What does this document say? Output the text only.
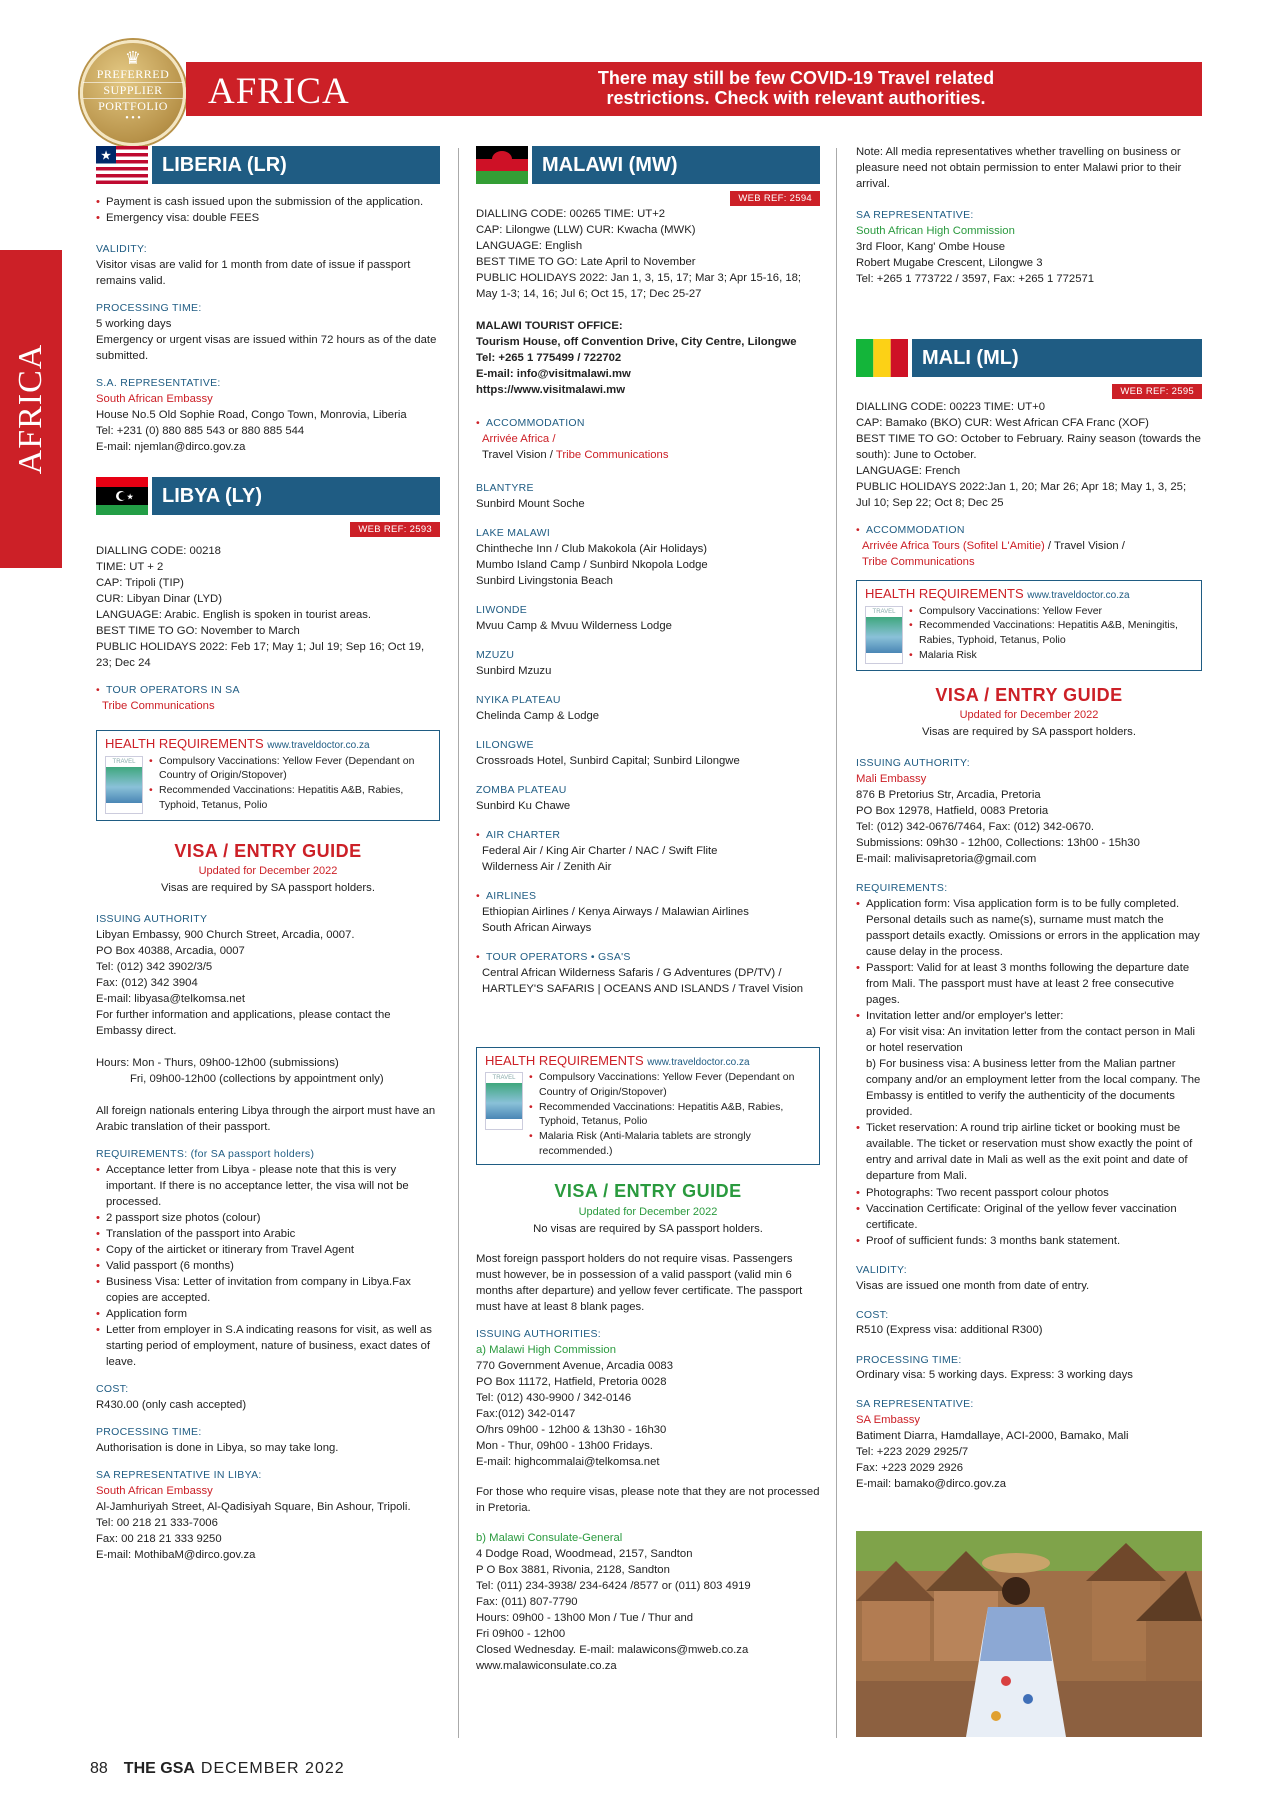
♛
PREFERRED
SUPPLIER
PORTFOLIO
• • •
AFRICA	There may still be few COVID-19 Travel related restrictions. Check with relevant authorities.
AFRICA
★	LIBERIA (LR)
• Payment is cash issued upon the submission of the application.
• Emergency visa: double FEES
VALIDITY:
Visitor visas are valid for 1 month from date of issue if passport remains valid.
PROCESSING TIME:
5 working days
Emergency or urgent visas are issued within 72 hours as of the date submitted.
S.A. REPRESENTATIVE:
South African Embassy
House No.5 Old Sophie Road, Congo Town, Monrovia, Liberia
Tel: +231 (0) 880 885 543 or 880 885 544
E-mail: njemlan@dirco.gov.za
★ LIBYA (LY)
WEB REF: 2593
DIALLING CODE: 00218
TIME: UT + 2
CAP: Tripoli (TIP)
CUR: Libyan Dinar (LYD)
LANGUAGE: Arabic. English is spoken in tourist areas.
BEST TIME TO GO: November to March
PUBLIC HOLIDAYS 2022: Feb 17; May 1; Jul 19; Sep 16; Oct 19, 23; Dec 24
• TOUR OPERATORS IN SA
Tribe Communications
HEALTH REQUIREMENTS www.traveldoctor.co.za
TRAVEL	• Compulsory Vaccinations: Yellow Fever (Dependant on Country of Origin/Stopover)
• Recommended Vaccinations: Hepatitis A&B, Rabies, Typhoid, Tetanus, Polio
VISA / ENTRY GUIDE
Updated for December 2022
Visas are required by SA passport holders.
ISSUING AUTHORITY
Libyan Embassy, 900 Church Street, Arcadia, 0007.
PO Box 40388, Arcadia, 0007
Tel: (012) 342 3902/3/5
Fax: (012) 342 3904
E-mail: libyasa@telkomsa.net
For further information and applications, please contact the Embassy direct.
Hours: Mon - Thurs, 09h00-12h00 (submissions)
Fri, 09h00-12h00 (collections by appointment only)
All foreign nationals entering Libya through the airport must have an Arabic translation of their passport.
REQUIREMENTS: (for SA passport holders)
• Acceptance letter from Libya - please note that this is very important. If there is no acceptance letter, the visa will not be processed.
• 2 passport size photos (colour)
• Translation of the passport into Arabic
• Copy of the airticket or itinerary from Travel Agent
• Valid passport (6 months)
• Business Visa: Letter of invitation from company in Libya.Fax copies are accepted.
• Application form
• Letter from employer in S.A indicating reasons for visit, as well as starting period of employment, nature of business, exact dates of leave.
COST:
R430.00 (only cash accepted)
PROCESSING TIME:
Authorisation is done in Libya, so may take long.
SA REPRESENTATIVE IN LIBYA:
South African Embassy
Al-Jamhuriyah Street, Al-Qadisiyah Square, Bin Ashour, Tripoli.
Tel: 00 218 21 333-7006
Fax: 00 218 21 333 9250
E-mail: MothibaM@dirco.gov.za
MALAWI (MW)
WEB REF: 2594
DIALLING CODE: 00265 TIME: UT+2
CAP: Lilongwe (LLW) CUR: Kwacha (MWK)
LANGUAGE: English
BEST TIME TO GO: Late April to November
PUBLIC HOLIDAYS 2022: Jan 1, 3, 15, 17; Mar 3; Apr 15-16, 18; May 1-3; 14, 16; Jul 6; Oct 15, 17; Dec 25-27
MALAWI TOURIST OFFICE:
Tourism House, off Convention Drive, City Centre, Lilongwe
Tel: +265 1 775499 / 722702
E-mail: info@visitmalawi.mw
https://www.visitmalawi.mw
• ACCOMMODATION
Arrivée Africa /
Travel Vision / Tribe Communications
BLANTYRE
Sunbird Mount Soche
LAKE MALAWI
Chintheche Inn / Club Makokola (Air Holidays)
Mumbo Island Camp / Sunbird Nkopola Lodge
Sunbird Livingstonia Beach
LIWONDE
Mvuu Camp & Mvuu Wilderness Lodge
MZUZU
Sunbird Mzuzu
NYIKA PLATEAU
Chelinda Camp & Lodge
LILONGWE
Crossroads Hotel, Sunbird Capital; Sunbird Lilongwe
ZOMBA PLATEAU
Sunbird Ku Chawe
• AIR CHARTER
Federal Air / King Air Charter / NAC / Swift Flite
Wilderness Air / Zenith Air
• AIRLINES
Ethiopian Airlines / Kenya Airways / Malawian Airlines
South African Airways
• TOUR OPERATORS • GSA'S
Central African Wilderness Safaris / G Adventures (DP/TV) /
HARTLEY'S SAFARIS | OCEANS AND ISLANDS / Travel Vision
HEALTH REQUIREMENTS www.traveldoctor.co.za
TRAVEL	• Compulsory Vaccinations: Yellow Fever (Dependant on Country of Origin/Stopover)
• Recommended Vaccinations: Hepatitis A&B, Rabies, Typhoid, Tetanus, Polio
• Malaria Risk (Anti-Malaria tablets are strongly recommended.)
VISA / ENTRY GUIDE
Updated for December 2022
No visas are required by SA passport holders.
Most foreign passport holders do not require visas. Passengers must however, be in possession of a valid passport (valid min 6 months after departure) and yellow fever certificate. The passport must have at least 8 blank pages.
ISSUING AUTHORITIES:
a) Malawi High Commission
770 Government Avenue, Arcadia 0083
PO Box 11172, Hatfield, Pretoria 0028
Tel: (012) 430-9900 / 342-0146
Fax:(012) 342-0147
O/hrs 09h00 - 12h00 & 13h30 - 16h30
Mon - Thur, 09h00 - 13h00 Fridays.
E-mail: highcommalai@telkomsa.net
For those who require visas, please note that they are not processed in Pretoria.
b) Malawi Consulate-General
4 Dodge Road, Woodmead, 2157, Sandton
P O Box 3881, Rivonia, 2128, Sandton
Tel: (011) 234-3938/ 234-6424 /8577 or (011) 803 4919
Fax: (011) 807-7790
Hours: 09h00 - 13h00 Mon / Tue / Thur and
Fri 09h00 - 12h00
Closed Wednesday. E-mail: malawicons@mweb.co.za
www.malawiconsulate.co.za
Note: All media representatives whether travelling on business or pleasure need not obtain permission to enter Malawi prior to their arrival.
SA REPRESENTATIVE:
South African High Commission
3rd Floor, Kang' Ombe House
Robert Mugabe Crescent, Lilongwe 3
Tel: +265 1 773722 / 3597, Fax: +265 1 772571
MALI (ML)
WEB REF: 2595
DIALLING CODE: 00223 TIME: UT+0
CAP: Bamako (BKO) CUR: West African CFA Franc (XOF)
BEST TIME TO GO: October to February. Rainy season (towards the south): June to October.
LANGUAGE: French
PUBLIC HOLIDAYS 2022:Jan 1, 20; Mar 26; Apr 18; May 1, 3, 25; Jul 10; Sep 22; Oct 8; Dec 25
• ACCOMMODATION
Arrivée Africa Tours (Sofitel L'Amitie) / Travel Vision /
Tribe Communications
HEALTH REQUIREMENTS www.traveldoctor.co.za
TRAVEL	• Compulsory Vaccinations: Yellow Fever
• Recommended Vaccinations: Hepatitis A&B, Meningitis, Rabies, Typhoid, Tetanus, Polio
• Malaria Risk
VISA / ENTRY GUIDE
Updated for December 2022
Visas are required by SA passport holders.
ISSUING AUTHORITY:
Mali Embassy
876 B Pretorius Str, Arcadia, Pretoria
PO Box 12978, Hatfield, 0083 Pretoria
Tel: (012) 342-0676/7464, Fax: (012) 342-0670.
Submissions: 09h30 - 12h00, Collections: 13h00 - 15h30
E-mail: malivisapretoria@gmail.com
REQUIREMENTS:
• Application form: Visa application form is to be fully completed. Personal details such as name(s), surname must match the passport details exactly. Omissions or errors in the application may cause delay in the process.
• Passport: Valid for at least 3 months following the departure date from Mali. The passport must have at least 2 free consecutive pages.
• Invitation letter and/or employer's letter:
a) For visit visa: An invitation letter from the contact person in Mali or hotel reservation
b) For business visa: A business letter from the Malian partner company and/or an employment letter from the local company. The Embassy is entitled to verify the authenticity of the documents provided.
• Ticket reservation: A round trip airline ticket or booking must be available. The ticket or reservation must show exactly the point of entry and arrival date in Mali as well as the exit point and date of departure from Mali.
• Photographs: Two recent passport colour photos
• Vaccination Certificate: Original of the yellow fever vaccination certificate.
• Proof of sufficient funds: 3 months bank statement.
VALIDITY:
Visas are issued one month from date of entry.
COST:
R510 (Express visa: additional R300)
PROCESSING TIME:
Ordinary visa: 5 working days. Express: 3 working days
SA REPRESENTATIVE:
SA Embassy
Batiment Diarra, Hamdallaye, ACI-2000, Bamako, Mali
Tel: +223 2029 2925/7
Fax: +223 2029 2926
E-mail: bamako@dirco.gov.za
88 THE GSA DECEMBER 2022
